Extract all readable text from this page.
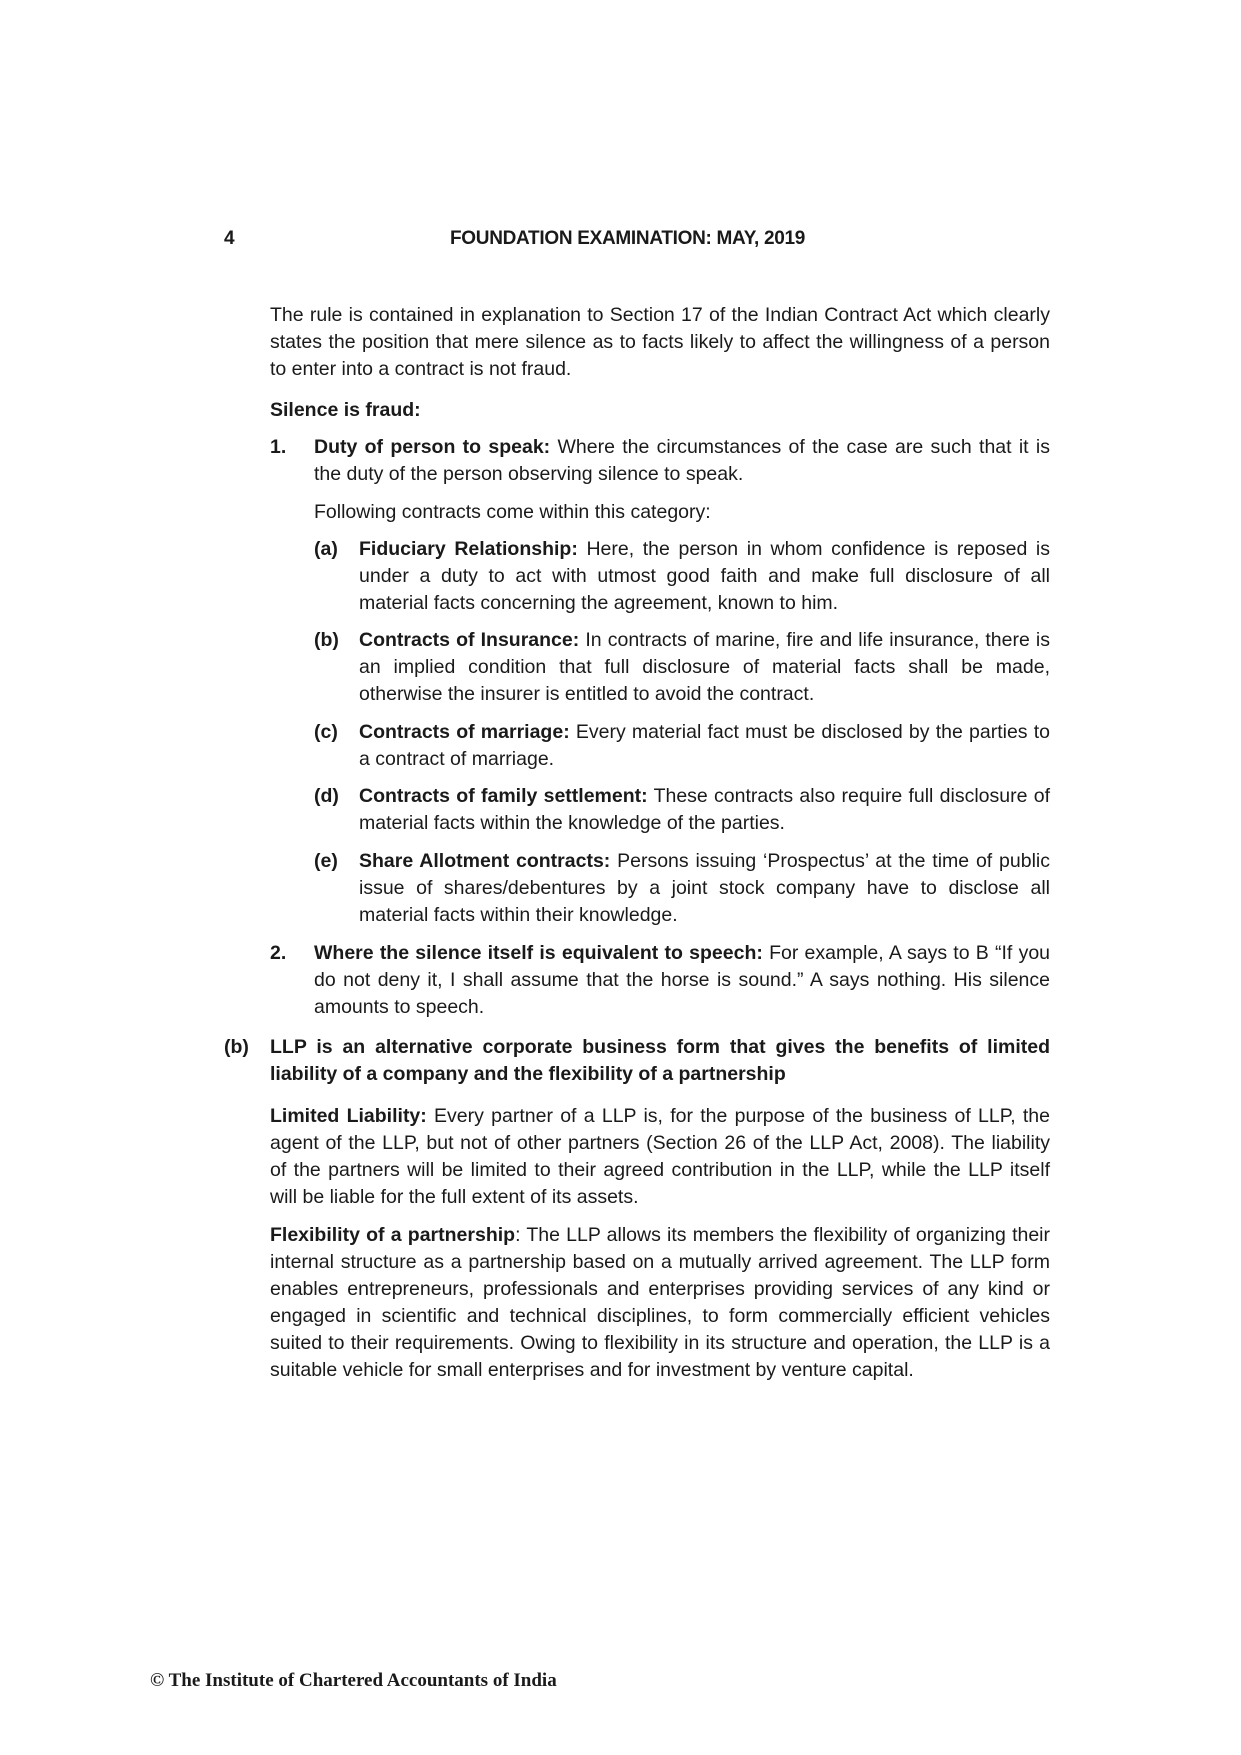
4	FOUNDATION EXAMINATION: MAY, 2019

The rule is contained in explanation to Section 17 of the Indian Contract Act which clearly states the position that mere silence as to facts likely to affect the willingness of a person to enter into a contract is not fraud.

Silence is fraud:

1. Duty of person to speak: Where the circumstances of the case are such that it is the duty of the person observing silence to speak.

Following contracts come within this category:

(a) Fiduciary Relationship: Here, the person in whom confidence is reposed is under a duty to act with utmost good faith and make full disclosure of all material facts concerning the agreement, known to him.

(b) Contracts of Insurance: In contracts of marine, fire and life insurance, there is an implied condition that full disclosure of material facts shall be made, otherwise the insurer is entitled to avoid the contract.

(c) Contracts of marriage: Every material fact must be disclosed by the parties to a contract of marriage.

(d) Contracts of family settlement: These contracts also require full disclosure of material facts within the knowledge of the parties.

(e) Share Allotment contracts: Persons issuing ‘Prospectus’ at the time of public issue of shares/debentures by a joint stock company have to disclose all material facts within their knowledge.

2. Where the silence itself is equivalent to speech: For example, A says to B “If you do not deny it, I shall assume that the horse is sound.” A says nothing. His silence amounts to speech.

(b) LLP is an alternative corporate business form that gives the benefits of limited liability of a company and the flexibility of a partnership

Limited Liability: Every partner of a LLP is, for the purpose of the business of LLP, the agent of the LLP, but not of other partners (Section 26 of the LLP Act, 2008). The liability of the partners will be limited to their agreed contribution in the LLP, while the LLP itself will be liable for the full extent of its assets.

Flexibility of a partnership: The LLP allows its members the flexibility of organizing their internal structure as a partnership based on a mutually arrived agreement. The LLP form enables entrepreneurs, professionals and enterprises providing services of any kind or engaged in scientific and technical disciplines, to form commercially efficient vehicles suited to their requirements. Owing to flexibility in its structure and operation, the LLP is a suitable vehicle for small enterprises and for investment by venture capital.

© The Institute of Chartered Accountants of India
